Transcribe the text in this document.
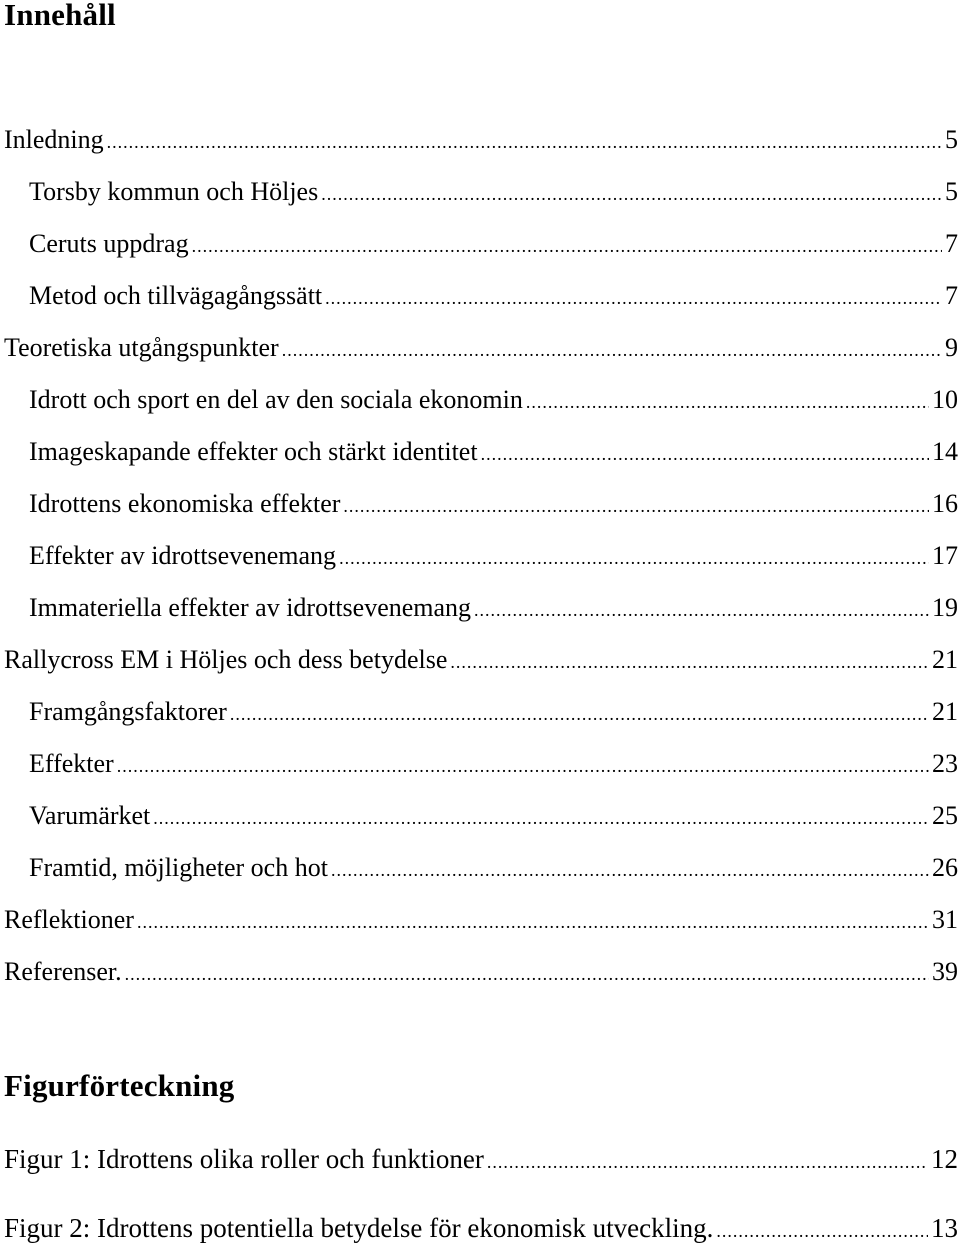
Innehåll
Inledning .....	5
Torsby kommun och Höljes .....	5
Ceruts uppdrag .....	7
Metod och tillvägagångssätt .....	7
Teoretiska utgångspunkter .....	9
Idrott och sport en del av den sociala ekonomin .....	10
Imageskapande effekter och stärkt identitet .....	14
Idrottens ekonomiska effekter .....	16
Effekter av idrottsevenemang .....	17
Immateriella effekter av idrottsevenemang .....	19
Rallycross EM i Höljes och dess betydelse .....	21
Framgångsfaktorer .....	21
Effekter .....	23
Varumärket .....	25
Framtid, möjligheter och hot .....	26
Reflektioner .....	31
Referenser. .....	39
Figurförteckning
Figur 1: Idrottens olika roller och funktioner .....	12
Figur 2: Idrottens potentiella betydelse för ekonomisk utveckling. .....	13
